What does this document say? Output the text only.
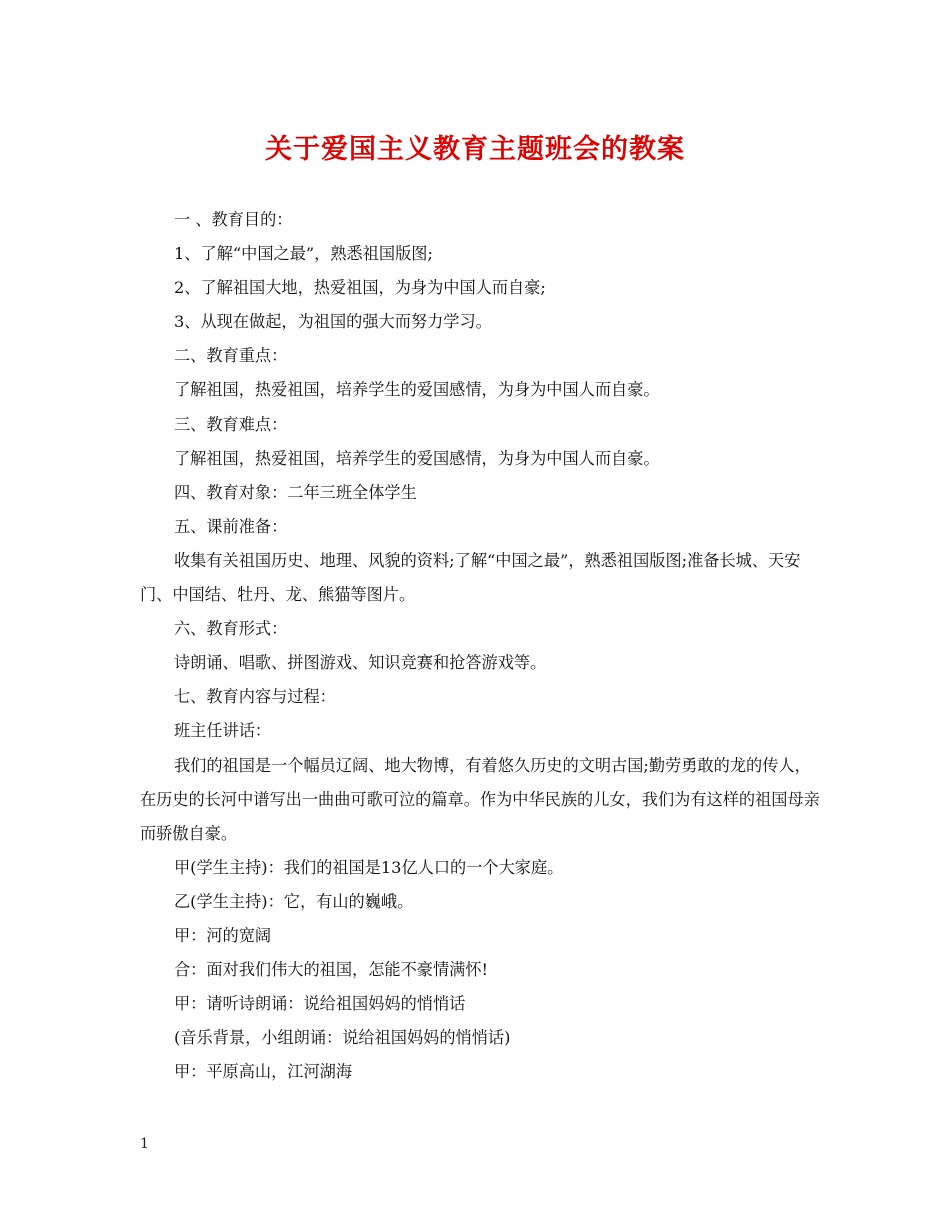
关于爱国主义教育主题班会的教案

一 、教育目的：

1、了解“中国之最”，熟悉祖国版图;

2、了解祖国大地，热爱祖国，为身为中国人而自豪;

3、从现在做起，为祖国的强大而努力学习。

二、教育重点：

了解祖国，热爱祖国，培养学生的爱国感情，为身为中国人而自豪。

三、教育难点：

了解祖国，热爱祖国，培养学生的爱国感情，为身为中国人而自豪。

四、教育对象：二年三班全体学生

五、课前准备：

收集有关祖国历史、地理、风貌的资料;了解“中国之最”，熟悉祖国版图;准备长城、天安门、中国结、牡丹、龙、熊猫等图片。

六、教育形式：

诗朗诵、唱歌、拼图游戏、知识竞赛和抢答游戏等。

七、教育内容与过程：

班主任讲话：

我们的祖国是一个幅员辽阔、地大物博，有着悠久历史的文明古国;勤劳勇敢的龙的传人，在历史的长河中谱写出一曲曲可歌可泣的篇章。作为中华民族的儿女，我们为有这样的祖国母亲而骄傲自豪。

甲(学生主持)：我们的祖国是13亿人口的一个大家庭。

乙(学生主持)：它，有山的巍峨。

甲：河的宽阔

合：面对我们伟大的祖国，怎能不豪情满怀!

甲：请听诗朗诵：说给祖国妈妈的悄悄话

(音乐背景，小组朗诵：说给祖国妈妈的悄悄话)

甲：平原高山，江河湖海

1
